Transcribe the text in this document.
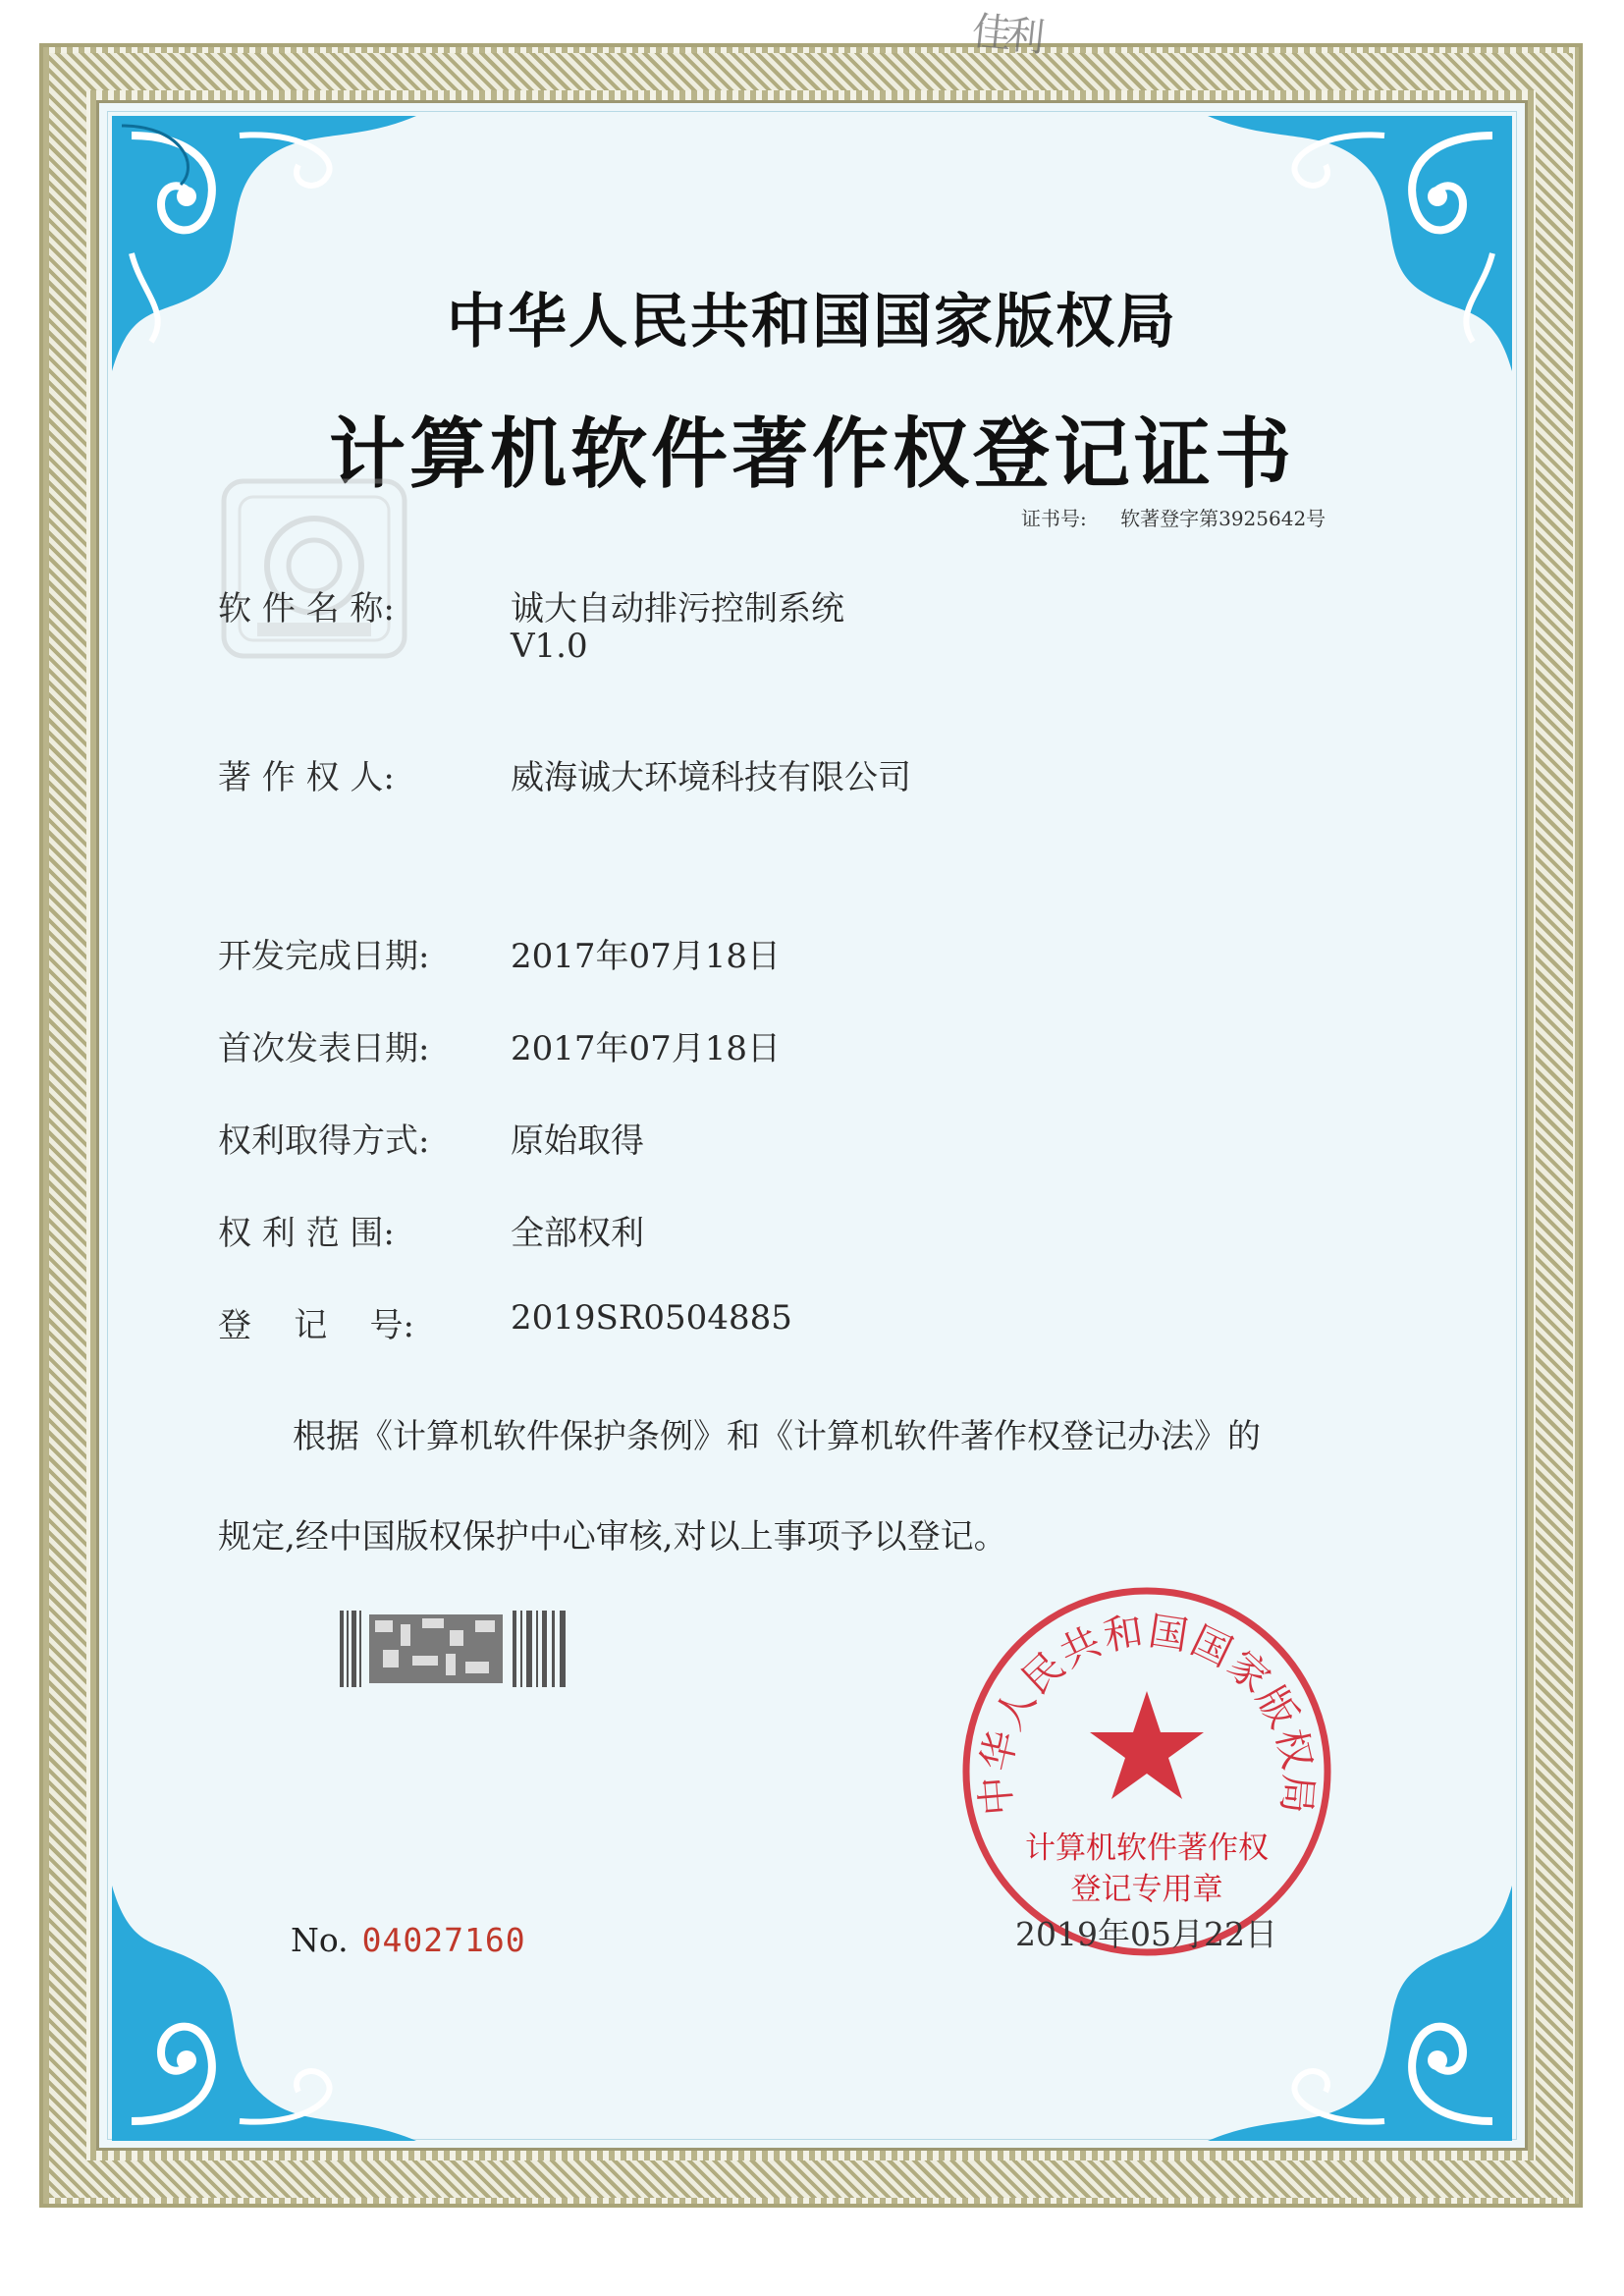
佳利
中华人民共和国国家版权局
计算机软件著作权登记证书
证书号: 软著登字第3925642号
软 件 名 称:	诚大自动排污控制系统
V1.0
著 作 权 人:	威海诚大环境科技有限公司
开发完成日期: 2017年07月18日
首次发表日期: 2017年07月18日
权利取得方式: 原始取得
权 利 范 围:	全部权利
登    记    号:	2019SR0504885
根据《计算机软件保护条例》和《计算机软件著作权登记办法》的
规定,经中国版权保护中心审核,对以上事项予以登记。
中华人民共和国国家版权局
计算机软件著作权
登记专用章
2019年05月22日
No. 04027160
